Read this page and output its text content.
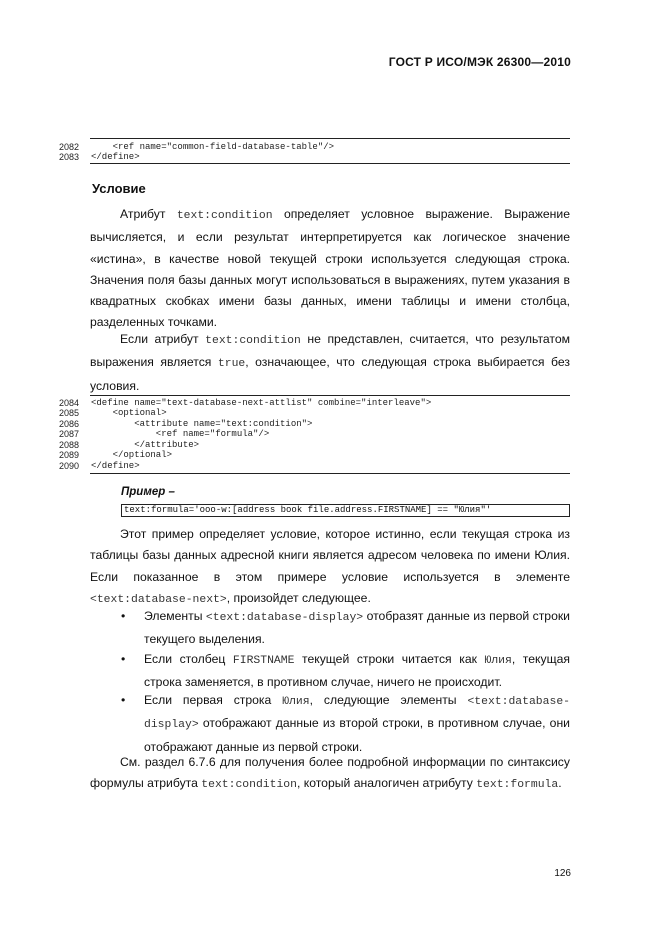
ГОСТ Р ИСО/МЭК 26300—2010
2082 <ref name="common-field-database-table"/>
2083 </define>
Условие
Атрибут text:condition определяет условное выражение. Выражение вычисляется, и если результат интерпретируется как логическое значение «истина», в качестве новой текущей строки используется следующая строка. Значения поля базы данных могут использоваться в выражениях, путем указания в квадратных скобках имени базы данных, имени таблицы и имени столбца, разделенных точками.
Если атрибут text:condition не представлен, считается, что результатом выражения является true, означающее, что следующая строка выбирается без условия.
2084 <define name="text-database-next-attlist" combine="interleave">
2085 <optional>
2086 <attribute name="text:condition">
2087 <ref name="formula"/>
2088 </attribute>
2089 </optional>
2090 </define>
Пример –
text:formula='ooo-w:[address book file.address.FIRSTNAME] == "Юлия"'
Этот пример определяет условие, которое истинно, если текущая строка из таблицы базы данных адресной книги является адресом человека по имени Юлия. Если показанное в этом примере условие используется в элементе <text:database-next>, произойдет следующее.
• Элементы <text:database-display> отобразят данные из первой строки текущего выделения.
• Если столбец FIRSTNAME текущей строки читается как Юлия, текущая строка заменяется, в противном случае, ничего не происходит.
• Если первая строка Юлия, следующие элементы <text:database-display> отображают данные из второй строки, в противном случае, они отображают данные из первой строки.
См. раздел 6.7.6 для получения более подробной информации по синтаксису формулы атрибута text:condition, который аналогичен атрибуту text:formula.
126
